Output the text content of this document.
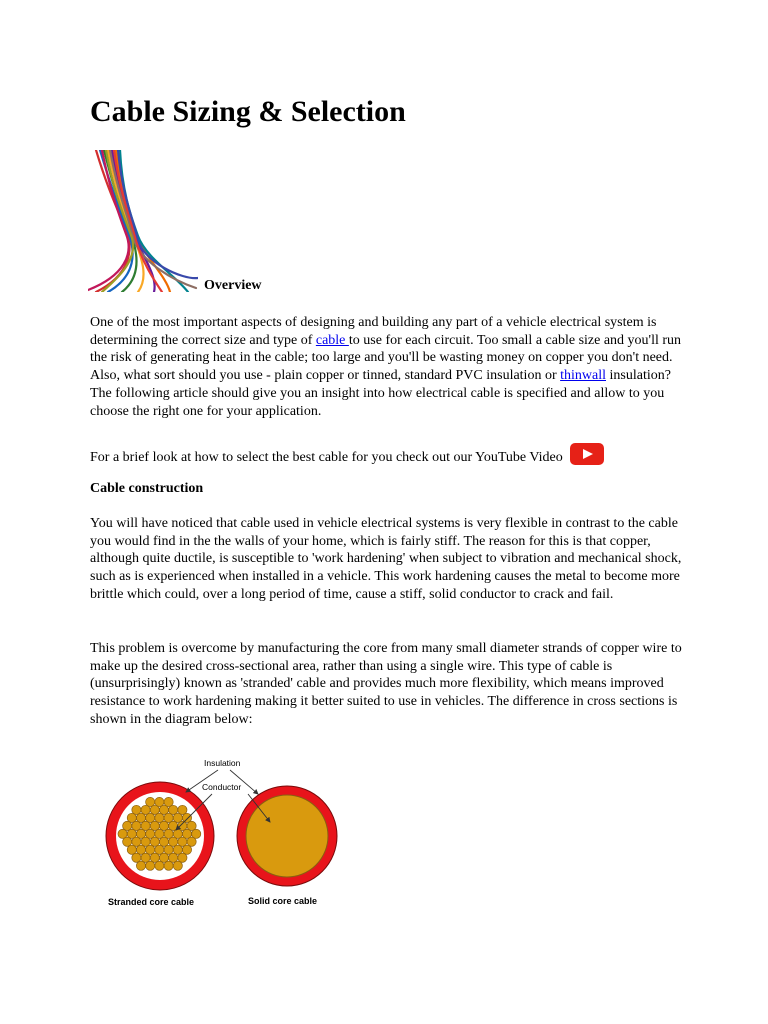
Cable Sizing & Selection
Overview

One of the most important aspects of designing and building any part of a vehicle electrical system is determining the correct size and type of cable to use for each circuit. Too small a cable size and you'll run the risk of generating heat in the cable; too large and you'll be wasting money on copper you don't need. Also, what sort should you use - plain copper or tinned, standard PVC insulation or thinwall insulation? The following article should give you an insight into how electrical cable is specified and allow to you choose the right one for your application.

For a brief look at how to select the best cable for you check out our YouTube Video

Cable construction

You will have noticed that cable used in vehicle electrical systems is very flexible in contrast to the cable you would find in the the walls of your home, which is fairly stiff. The reason for this is that copper, although quite ductile, is susceptible to 'work hardening' when subject to vibration and mechanical shock, such as is experienced when installed in a vehicle. This work hardening causes the metal to become more brittle which could, over a long period of time, cause a stiff, solid conductor to crack and fail.

This problem is overcome by manufacturing the core from many small diameter strands of copper wire to make up the desired cross-sectional area, rather than using a single wire. This type of cable is (unsurprisingly) known as 'stranded' cable and provides much more flexibility, which means improved resistance to work hardening making it better suited to use in vehicles. The difference in cross sections is shown in the diagram below:

Insulation
Conductor
Stranded core cable	Solid core cable
